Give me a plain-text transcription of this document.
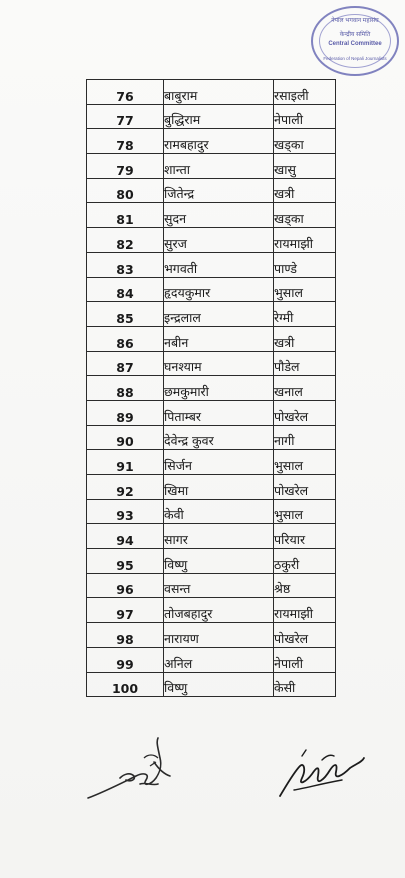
नेपाल भगवान महासंघ
केन्द्रीय समिति
Central Committee
Federation of Nepali Journalists
76	बाबुराम	रसाइली
77	बुद्धिराम	नेपाली
78	रामबहादुर	खड्का
79	शान्ता	खासु
80	जितेन्द्र	खत्री
81	सुदन	खड्का
82	सुरज	रायमाझी
83	भगवती	पाण्डे
84	हृदयकुमार	भुसाल
85	इन्द्रलाल	रेग्मी
86	नबीन	खत्री
87	घनश्याम	पौडेल
88	छमकुमारी	खनाल
89	पिताम्बर	पोखरेल
90	देवेन्द्र कुवर	नागी
91	सिर्जन	भुसाल
92	खिमा	पोखरेल
93	केवी	भुसाल
94	सागर	परियार
95	विष्णु	ठकुरी
96	वसन्त	श्रेष्ठ
97	तोजबहादुर	रायमाझी
98	नारायण	पोखरेल
99	अनिल	नेपाली
100	विष्णु	केसी
